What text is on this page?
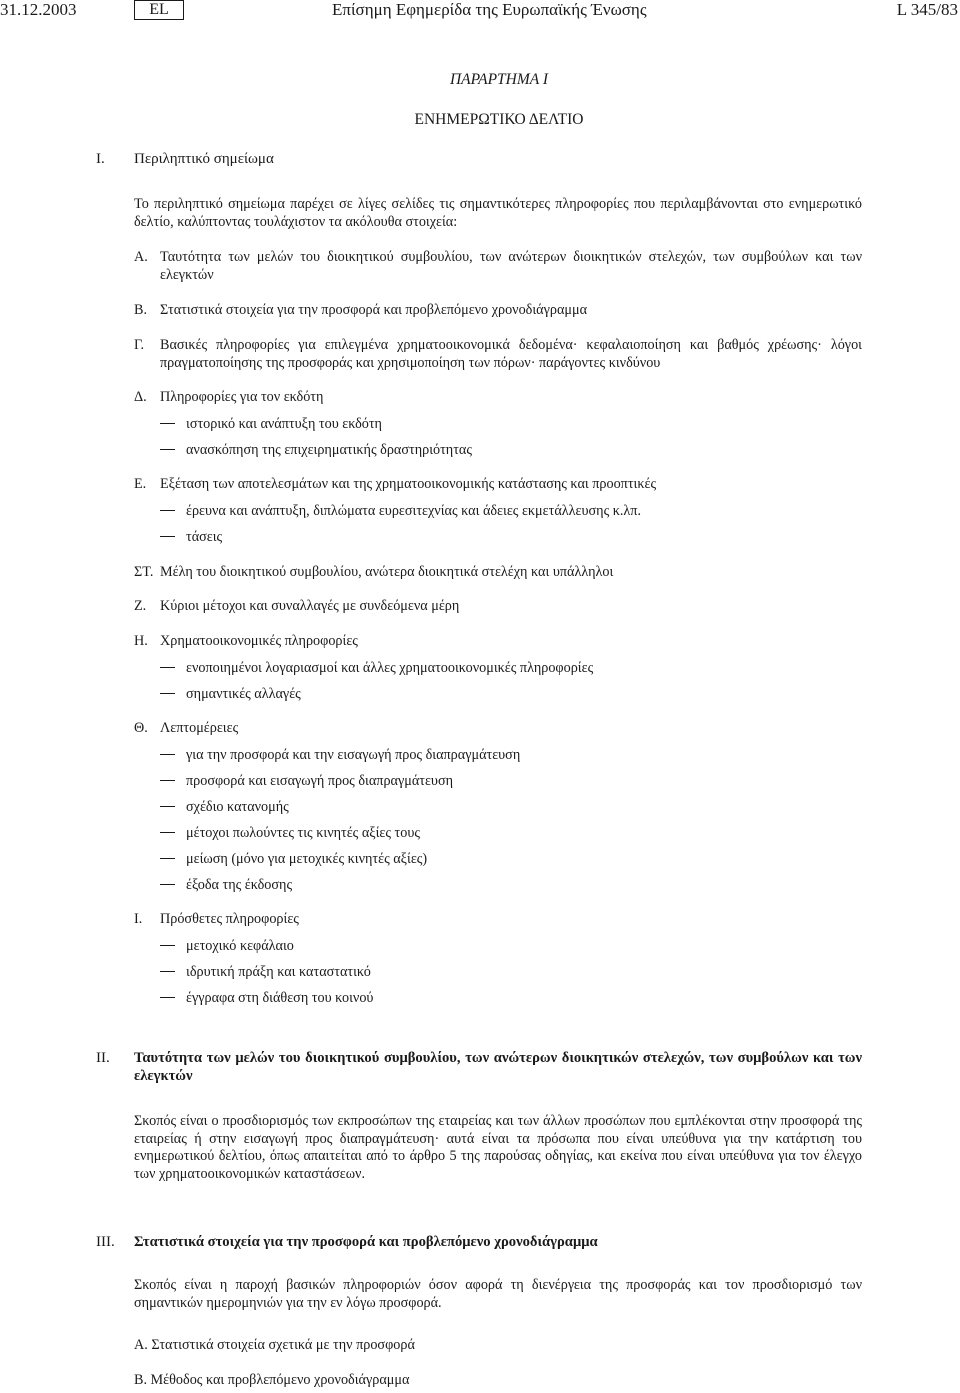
31.12.2003	EL	Επίσημη Εφημερίδα της Ευρωπαϊκής Ένωσης	L 345/83
ΠΑΡΑΡΤΗΜΑ I
ΕΝΗΜΕΡΩΤΙΚΟ ΔΕΛΤΙΟ
I. Περιληπτικό σημείωμα
Το περιληπτικό σημείωμα παρέχει σε λίγες σελίδες τις σημαντικότερες πληροφορίες που περιλαμβάνονται στο ενημερωτικό δελτίο, καλύπτοντας τουλάχιστον τα ακόλουθα στοιχεία:
Α. Ταυτότητα των μελών του διοικητικού συμβουλίου, των ανώτερων διοικητικών στελεχών, των συμβούλων και των ελεγκτών
Β. Στατιστικά στοιχεία για την προσφορά και προβλεπόμενο χρονοδιάγραμμα
Γ. Βασικές πληροφορίες για επιλεγμένα χρηματοοικονομικά δεδομένα· κεφαλαιοποίηση και βαθμός χρέωσης· λόγοι πραγματοποίησης της προσφοράς και χρησιμοποίηση των πόρων· παράγοντες κινδύνου
Δ. Πληροφορίες για τον εκδότη
ιστορικό και ανάπτυξη του εκδότη
ανασκόπηση της επιχειρηματικής δραστηριότητας
Ε. Εξέταση των αποτελεσμάτων και της χρηματοοικονομικής κατάστασης και προοπτικές
έρευνα και ανάπτυξη, διπλώματα ευρεσιτεχνίας και άδειες εκμετάλλευσης κ.λπ.
τάσεις
ΣΤ. Μέλη του διοικητικού συμβουλίου, ανώτερα διοικητικά στελέχη και υπάλληλοι
Ζ. Κύριοι μέτοχοι και συναλλαγές με συνδεόμενα μέρη
Η. Χρηματοοικονομικές πληροφορίες
ενοποιημένοι λογαριασμοί και άλλες χρηματοοικονομικές πληροφορίες
σημαντικές αλλαγές
Θ. Λεπτομέρειες
για την προσφορά και την εισαγωγή προς διαπραγμάτευση
προσφορά και εισαγωγή προς διαπραγμάτευση
σχέδιο κατανομής
μέτοχοι πωλούντες τις κινητές αξίες τους
μείωση (μόνο για μετοχικές κινητές αξίες)
έξοδα της έκδοσης
Ι. Πρόσθετες πληροφορίες
μετοχικό κεφάλαιο
ιδρυτική πράξη και καταστατικό
έγγραφα στη διάθεση του κοινού
II. Ταυτότητα των μελών του διοικητικού συμβουλίου, των ανώτερων διοικητικών στελεχών, των συμβούλων και των ελεγκτών
Σκοπός είναι ο προσδιορισμός των εκπροσώπων της εταιρείας και των άλλων προσώπων που εμπλέκονται στην προσφορά της εταιρείας ή στην εισαγωγή προς διαπραγμάτευση· αυτά είναι τα πρόσωπα που είναι υπεύθυνα για την κατάρτιση του ενημερωτικού δελτίου, όπως απαιτείται από το άρθρο 5 της παρούσας οδηγίας, και εκείνα που είναι υπεύθυνα για τον έλεγχο των χρηματοοικονομικών καταστάσεων.
III. Στατιστικά στοιχεία για την προσφορά και προβλεπόμενο χρονοδιάγραμμα
Σκοπός είναι η παροχή βασικών πληροφοριών όσον αφορά τη διενέργεια της προσφοράς και τον προσδιορισμό των σημαντικών ημερομηνιών για την εν λόγω προσφορά.
Α. Στατιστικά στοιχεία σχετικά με την προσφορά
Β. Μέθοδος και προβλεπόμενο χρονοδιάγραμμα
